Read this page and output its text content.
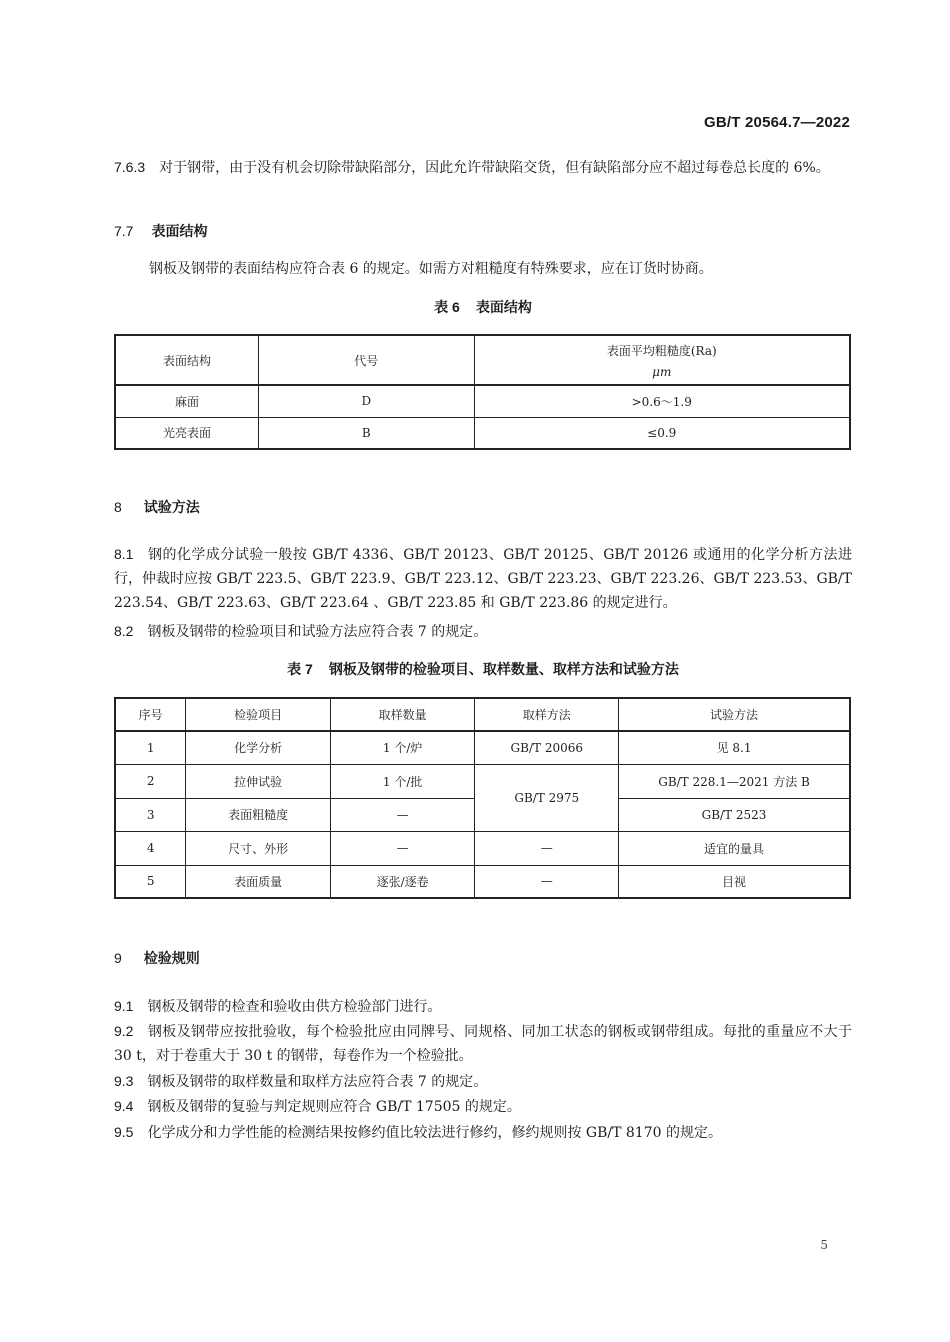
GB/T 20564.7—2022
7.6.3 对于钢带，由于没有机会切除带缺陷部分，因此允许带缺陷交货，但有缺陷部分应不超过每卷总长度的 6%。
7.7 表面结构
钢板及钢带的表面结构应符合表 6 的规定。如需方对粗糙度有特殊要求，应在订货时协商。
表 6 表面结构
表面结构	代号	表面平均粗糙度(Ra)
μm

麻面	D	>0.6～1.9
光亮表面	B	≤0.9
8 试验方法
8.1 钢的化学成分试验一般按 GB/T 4336、GB/T 20123、GB/T 20125、GB/T 20126 或通用的化学分析方法进行，仲裁时应按 GB/T 223.5、GB/T 223.9、GB/T 223.12、GB/T 223.23、GB/T 223.26、GB/T 223.53、GB/T 223.54、GB/T 223.63、GB/T 223.64 、GB/T 223.85 和 GB/T 223.86 的规定进行。
8.2 钢板及钢带的检验项目和试验方法应符合表 7 的规定。
表 7 钢板及钢带的检验项目、取样数量、取样方法和试验方法
序号	检验项目	取样数量	取样方法	试验方法
1	化学分析	1 个/炉	GB/T 20066	见 8.1
2	拉伸试验	1 个/批	GB/T 2975	GB/T 228.1—2021 方法 B
3	表面粗糙度	—		GB/T 2523
4	尺寸、外形	—	—	适宜的量具
5	表面质量	逐张/逐卷	—	目视
9 检验规则
9.1 钢板及钢带的检查和验收由供方检验部门进行。
9.2 钢板及钢带应按批验收，每个检验批应由同牌号、同规格、同加工状态的钢板或钢带组成。每批的重量应不大于 30 t，对于卷重大于 30 t 的钢带，每卷作为一个检验批。
9.3 钢板及钢带的取样数量和取样方法应符合表 7 的规定。
9.4 钢板及钢带的复验与判定规则应符合 GB/T 17505 的规定。
9.5 化学成分和力学性能的检测结果按修约值比较法进行修约，修约规则按 GB/T 8170 的规定。
5
